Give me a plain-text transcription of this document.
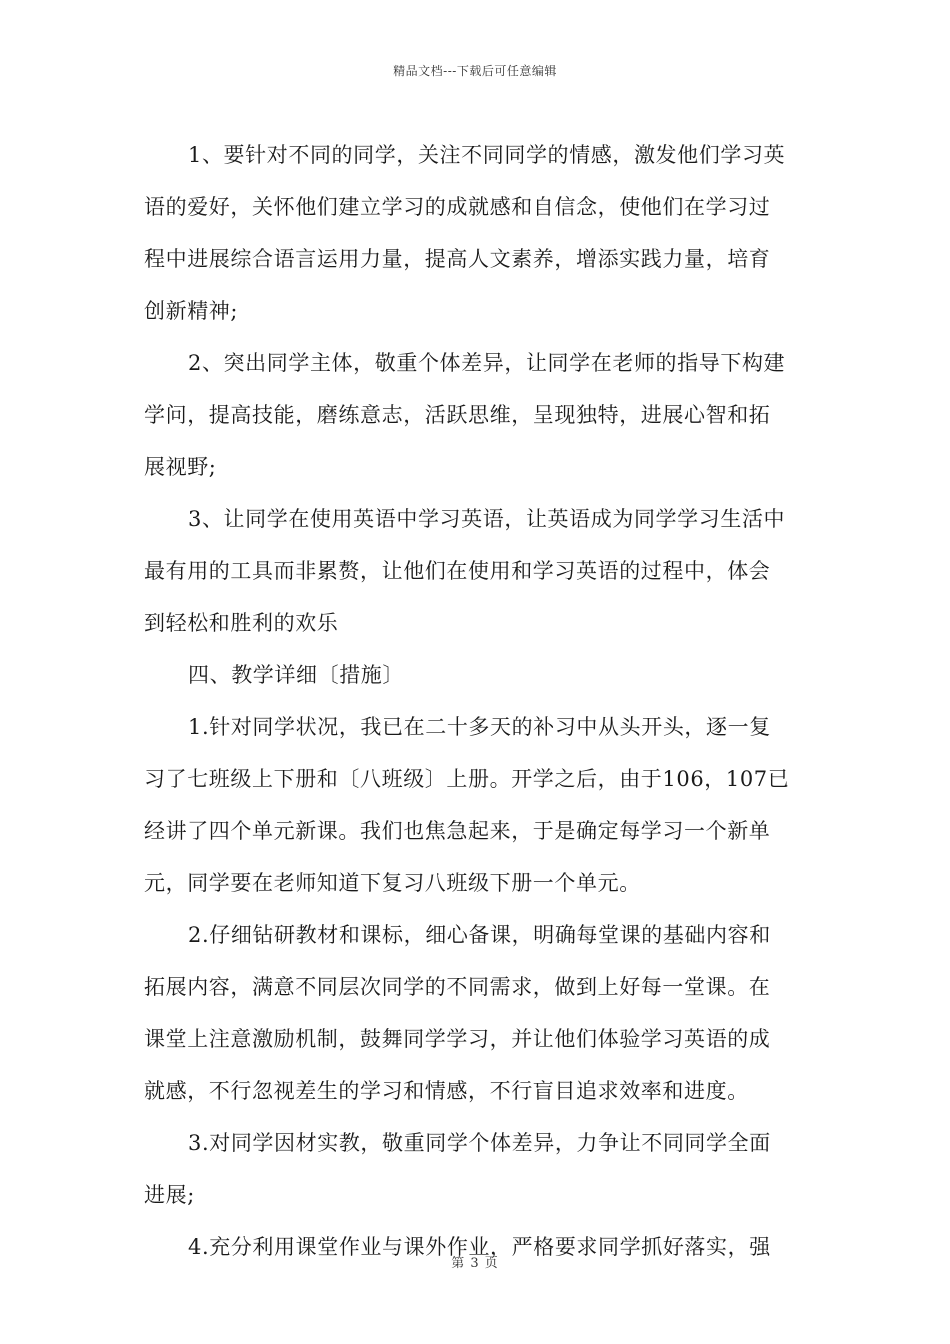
精品文档---下载后可任意编辑
1、要针对不同的同学，关注不同同学的情感，激发他们学习英
语的爱好，关怀他们建立学习的成就感和自信念，使他们在学习过
程中进展综合语言运用力量，提高人文素养，增添实践力量，培育
创新精神;
2、突出同学主体，敬重个体差异，让同学在老师的指导下构建
学问，提高技能，磨练意志，活跃思维，呈现独特，进展心智和拓
展视野;
3、让同学在使用英语中学习英语，让英语成为同学学习生活中
最有用的工具而非累赘，让他们在使用和学习英语的过程中，体会
到轻松和胜利的欢乐
四、教学详细〔措施〕
1.针对同学状况，我已在二十多天的补习中从头开头，逐一复
习了七班级上下册和〔八班级〕上册。开学之后，由于106，107已
经讲了四个单元新课。我们也焦急起来，于是确定每学习一个新单
元，同学要在老师知道下复习八班级下册一个单元。
2.仔细钻研教材和课标，细心备课，明确每堂课的基础内容和
拓展内容，满意不同层次同学的不同需求，做到上好每一堂课。在
课堂上注意激励机制，鼓舞同学学习，并让他们体验学习英语的成
就感，不行忽视差生的学习和情感，不行盲目追求效率和进度。
3.对同学因材实教，敬重同学个体差异，力争让不同同学全面
进展;
4.充分利用课堂作业与课外作业，严格要求同学抓好落实，强
第 3 页
